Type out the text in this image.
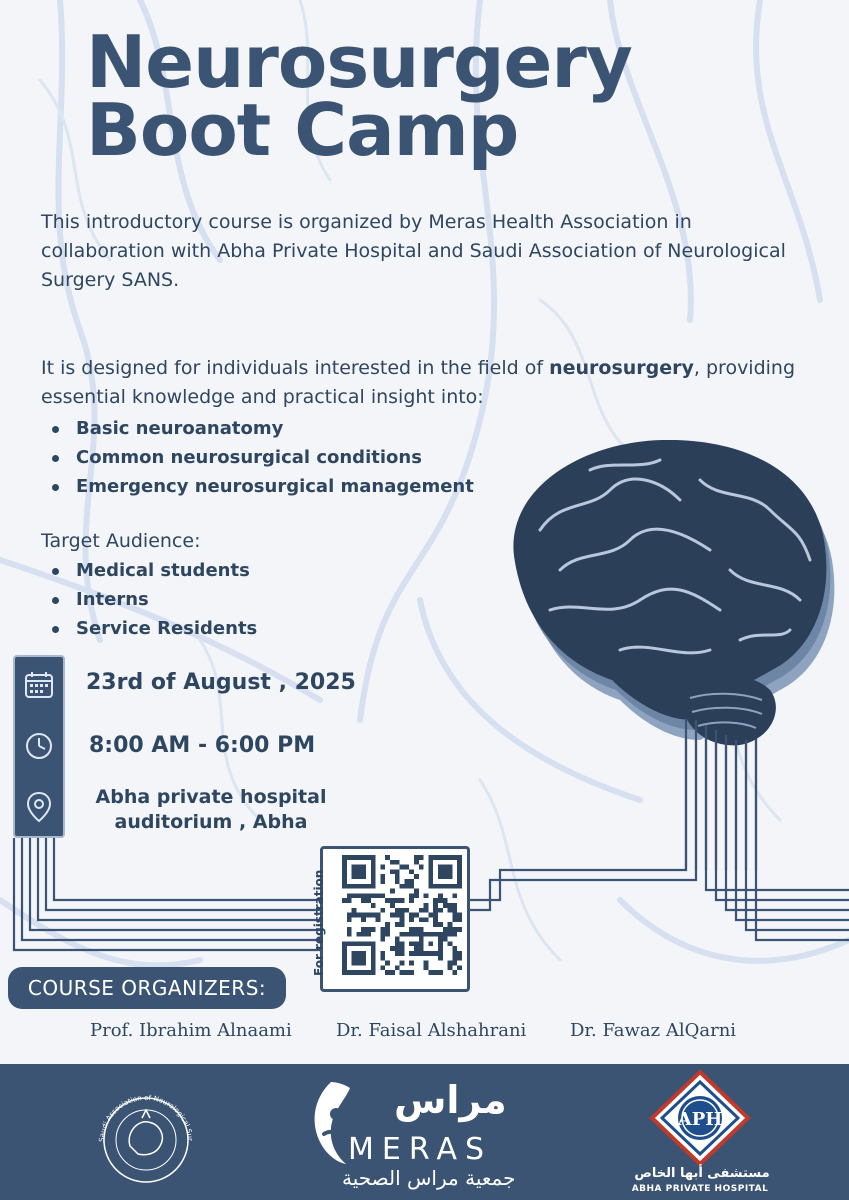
Neurosurgery
Boot Camp

This introductory course is organized by Meras Health Association in collaboration with Abha Private Hospital and Saudi Association of Neurological Surgery SANS.

It is designed for individuals interested in the field of neurosurgery, providing essential knowledge and practical insight into:

Basic neuroanatomy
Common neurosurgical conditions
Emergency neurosurgical management
Target Audience:
Medical students
Interns
Service Residents
23rd of August , 2025
8:00 AM - 6:00 PM
Abha private hospital
auditorium , Abha
For registration
COURSE ORGANIZERS:
Prof. Ibrahim Alnaami Dr. Faisal Alshahrani Dr. Fawaz AlQarni
Saudi Association of Neurological Sur
مراس
MERAS
جمعية مراس الصحية
APH
مستشفى أبها الخاص
ABHA PRIVATE HOSPITAL
